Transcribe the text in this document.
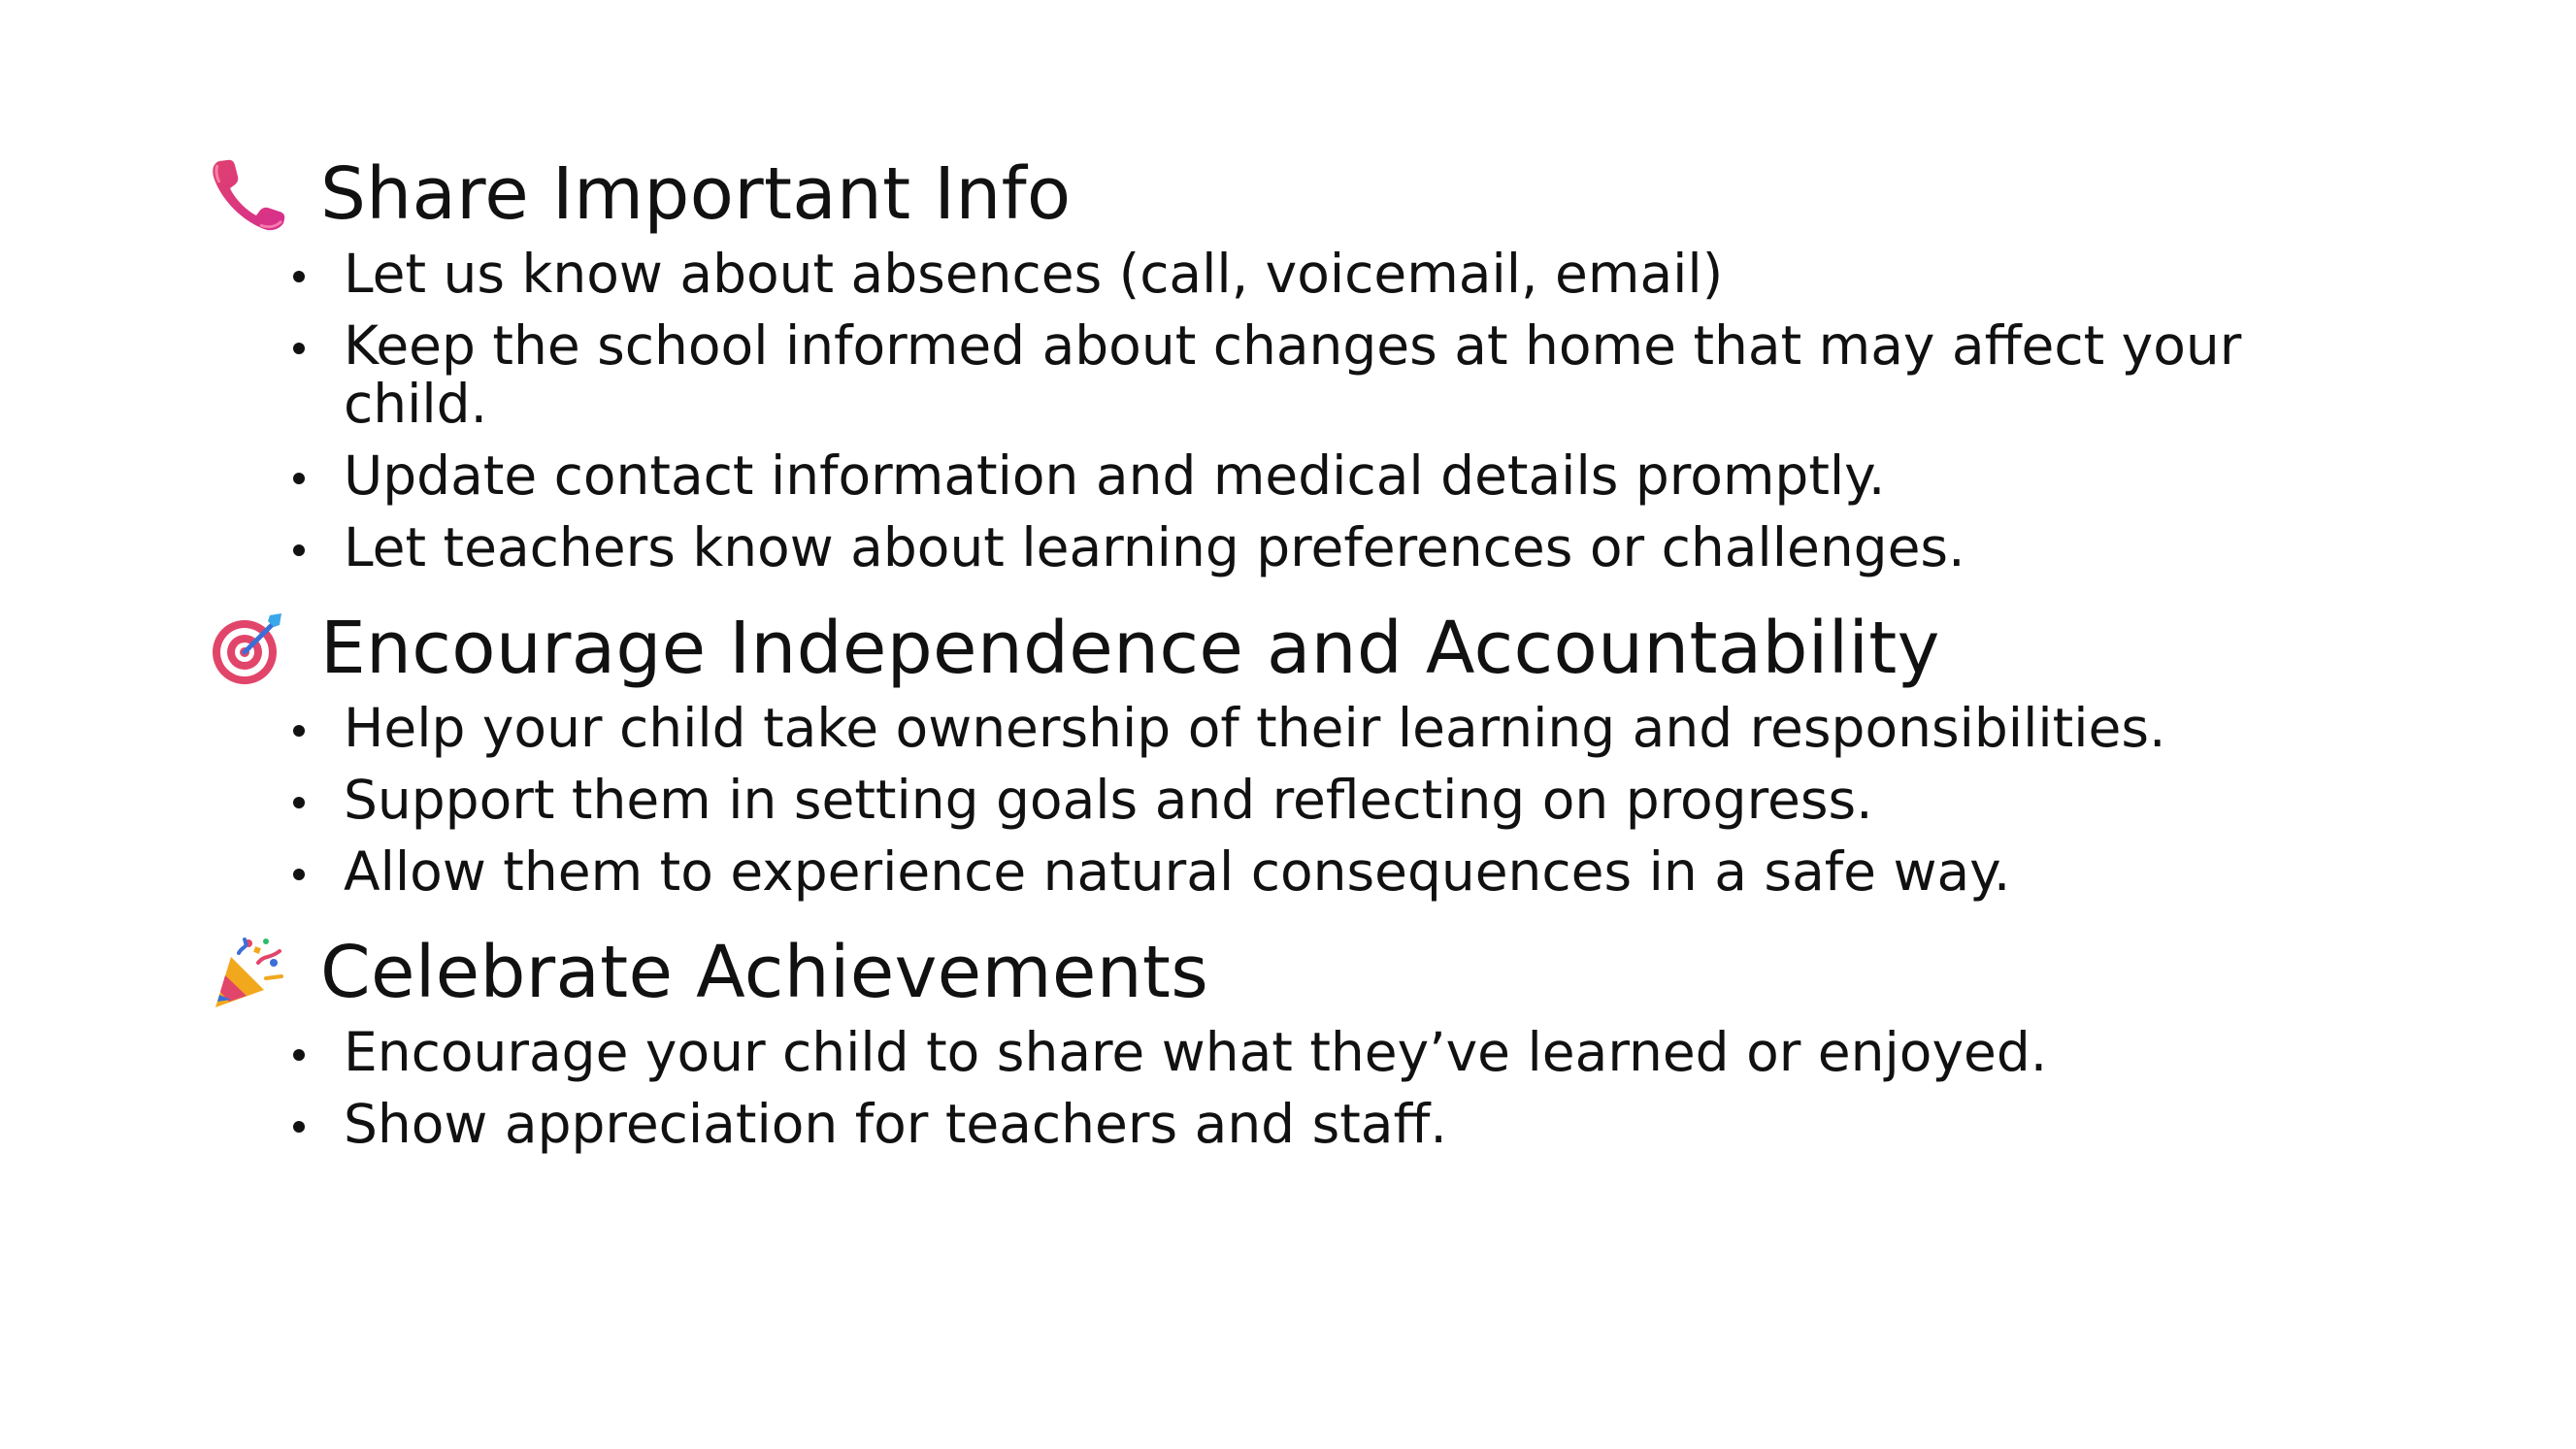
Share Important Info
Let us know about absences (call, voicemail, email)
Keep the school informed about changes at home that may affect your child.
Update contact information and medical details promptly.
Let teachers know about learning preferences or challenges.
Encourage Independence and Accountability
Help your child take ownership of their learning and responsibilities.
Support them in setting goals and reflecting on progress.
Allow them to experience natural consequences in a safe way.
Celebrate Achievements
Encourage your child to share what they’ve learned or enjoyed.
Show appreciation for teachers and staff.
